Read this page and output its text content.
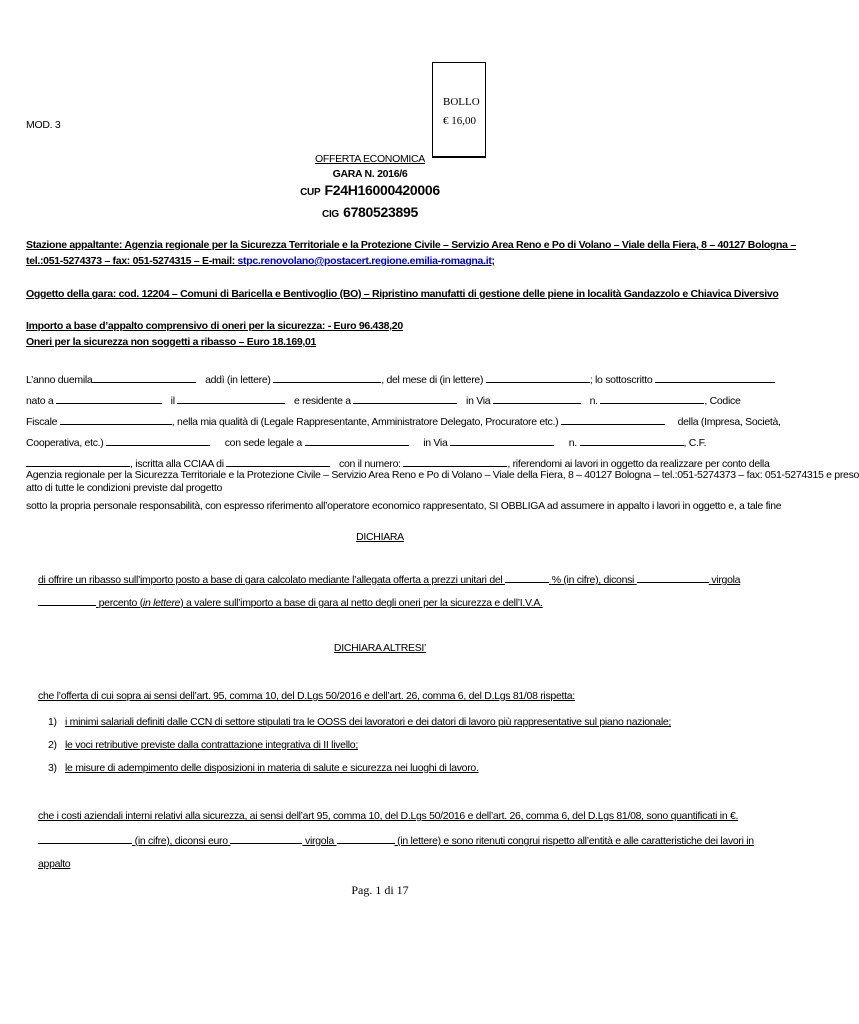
BOLLO
€ 16,00
MOD. 3
OFFERTA ECONOMICA
GARA N. 2016/6
CUP F24H16000420006
CIG 6780523895
Stazione appaltante: Agenzia regionale per la Sicurezza Territoriale e la Protezione Civile – Servizio Area Reno e Po di Volano – Viale della Fiera, 8 – 40127 Bologna –
tel.:051-5274373 – fax: 051-5274315 – E-mail: stpc.renovolano@postacert.regione.emilia-romagna.it;
Oggetto della gara: cod. 12204 – Comuni di Baricella e Bentivoglio (BO) – Ripristino manufatti di gestione delle piene in località Gandazzolo e Chiavica Diversivo
Importo a base d’appalto comprensivo di oneri per la sicurezza: - Euro 96.438,20
Oneri per la sicurezza non soggetti a ribasso – Euro 18.169,01
L’anno duemila	addì (in lettere)	, del mese di (in lettere)	; lo sottoscritto
nato a	il	e residente a	in Via	n.	, Codice
Fiscale	, nella mia qualità di (Legale Rappresentante, Amministratore Delegato, Procuratore etc.)	della (Impresa, Società,
Cooperativa, etc.)	con sede legale a	in Via	n.	, C.F.
, iscritta alla CCIAA di	con il numero:	, riferendomi ai lavori in oggetto da realizzare per conto della
Agenzia regionale per la Sicurezza Territoriale e la Protezione Civile – Servizio Area Reno e Po di Volano – Viale della Fiera, 8 – 40127 Bologna – tel.:051-5274373 – fax: 051-5274315 e preso
atto di tutte le condizioni previste dal progetto
sotto la propria personale responsabilità, con espresso riferimento all’operatore economico rappresentato, SI OBBLIGA ad assumere in appalto i lavori in oggetto e, a tale fine
DICHIARA
di offrire un ribasso sull’importo posto a base di gara calcolato mediante l’allegata offerta a prezzi unitari del	% (in cifre), diconsi	virgola
percento (in lettere) a valere sull’importo a base di gara al netto degli oneri per la sicurezza e dell’I.V.A.
DICHIARA ALTRESI’
che l’offerta di cui sopra ai sensi dell’art. 95, comma 10, del D.Lgs 50/2016 e dell’art. 26, comma 6, del D.Lgs 81/08 rispetta:
1) i minimi salariali definiti dalle CCN di settore stipulati tra le OOSS dei lavoratori e dei datori di lavoro più rappresentative sul piano nazionale;
2) le voci retributive previste dalla contrattazione integrativa di II livello;
3) le misure di adempimento delle disposizioni in materia di salute e sicurezza nei luoghi di lavoro.
che i costi aziendali interni relativi alla sicurezza, ai sensi dell’art 95, comma 10, del D.Lgs 50/2016 e dell’art. 26, comma 6, del D.Lgs 81/08, sono quantificati in €.
(in cifre), diconsi euro	virgola	(in lettere) e sono ritenuti congrui rispetto all’entità e alle caratteristiche dei lavori in
appalto
Pag. 1 di 17
